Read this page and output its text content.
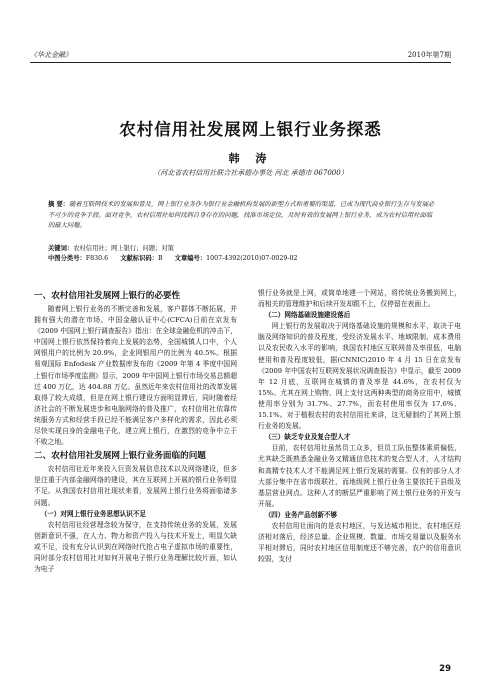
《华北金融》	2010年第7期
农村信用社发展网上银行业务探悉
韩 涛
（河北省农村信用社联合社承德办事处 河北 承德市 067000）
摘 要：随着互联网技术的发展和普及，网上银行业务作为银行业金融机构发展的新型方式和重要的渠道，已成为现代商业银行生存与发展必不可少的竞争手段。面对竞争，农村信用社如何找到自身存在的问题，找准市场定位，及时有效的发展网上银行业务，成为农村信用社面临的最大问题。
关键词：农村信用社；网上银行；问题；对策
中图分类号：F830.6 文献标识码：B 文章编号：1007-4392(2010)07-0029-02
一、农村信用社发展网上银行的必要性

随着网上银行业务的不断完善和发展，客户群体不断拓展，并拥有强大的潜在市场。中国金融认证中心(CFCA)日前在京发布《2009 中国网上银行调查报告》指出：在全球金融危机的冲击下，中国网上银行依然保持着向上发展的态势，全国城镇人口中，个人网银用户的比例为 20.9%，企业网银用户的比例为 40.5%。根据易观国际 Enfodesk 产业数据库发布的《2009 年第 4 季度中国网上银行市场季度监测》显示，2009 年中国网上银行市场交易总额超过 400 万亿，达 404.88 万亿。虽然近年来农村信用社的改革发展取得了较大成绩，但是在网上银行建设方面明显滞后，同时随着经济社会的不断发展进步和电脑网络的普及推广，农村信用社依靠传统服务方式和经营手段已经不能满足客户多样化的需求，因此必须尽快实现自身的金融电子化，建立网上银行，在激烈的竞争中立于不败之地。

二、农村信用社发展网上银行业务面临的问题

农村信用社近年来投入巨资发展信息技术以及网络建设，但多是注重于内部金融网络的建设，其在互联网上开展的银行业务明显不足。从我国农村信用社现状来看，发展网上银行业务将面临诸多问题。

（一）对网上银行业务思想认识不足

农村信用社经营理念较为保守，在支持传统业务的发展，发展创新意识不强，在人力、物力和资产投入与技术开发上，明显欠缺或不足，没有充分认识到在网络时代抢占电子虚拟市场的重要性，同时部分农村信用社对如何开展电子银行业务理解比较片面，如认为电子

银行业务就是上网，或简单地建一个网站，将传统业务搬到网上，而相关的管理维护和后续开发却跟不上，仅停留在表面上。

（二）网络基础设施建设落后

网上银行的发展取决于网络基础设施的规模和水平，取决于电脑及网络知识的普及程度，受经济发展水平、地域限制、成本费用以及农民收入水平的影响，我国农村地区互联网普及率很低，电脑使用和普及程度较低，据(CNNIC)2010 年 4 月 15 日在京发布《2009 年中国农村互联网发展状况调查报告》中显示，截至 2009 年 12 月底，互联网在城镇的普及率是 44.6%，在农村仅为 15%。尤其在网上购物、网上支付这两种典型的商务应用中，城镇使用率分别为 31.7%、27.7%，而农村使用率仅为 17.6%、15.1%。对于植根农村的农村信用社来讲，这无疑制约了其网上银行业务的发展。

（三）缺乏专业及复合型人才

目前，农村信用社虽然员工众多，但员工队伍整体素质偏低，尤其缺乏既熟悉金融业务又精通信息技术的复合型人才，人才结构和高精专技术人才不能满足网上银行发展的需要。仅有的部分人才大部分集中在省市级联社，而地级网上银行业务主要依托于县级及基层营业网点。这种人才的断层严重影响了网上银行业务的开发与开展。

（四）业务产品创新不够

农村信用社面向的是农村地区，与发达城市相比，农村地区经济相对落后，经济总量、企业规模、数量、市场交易量以及服务水平相对滞后，同时农村地区信用制度还不够完善，农户的信用意识较弱，支付

29
